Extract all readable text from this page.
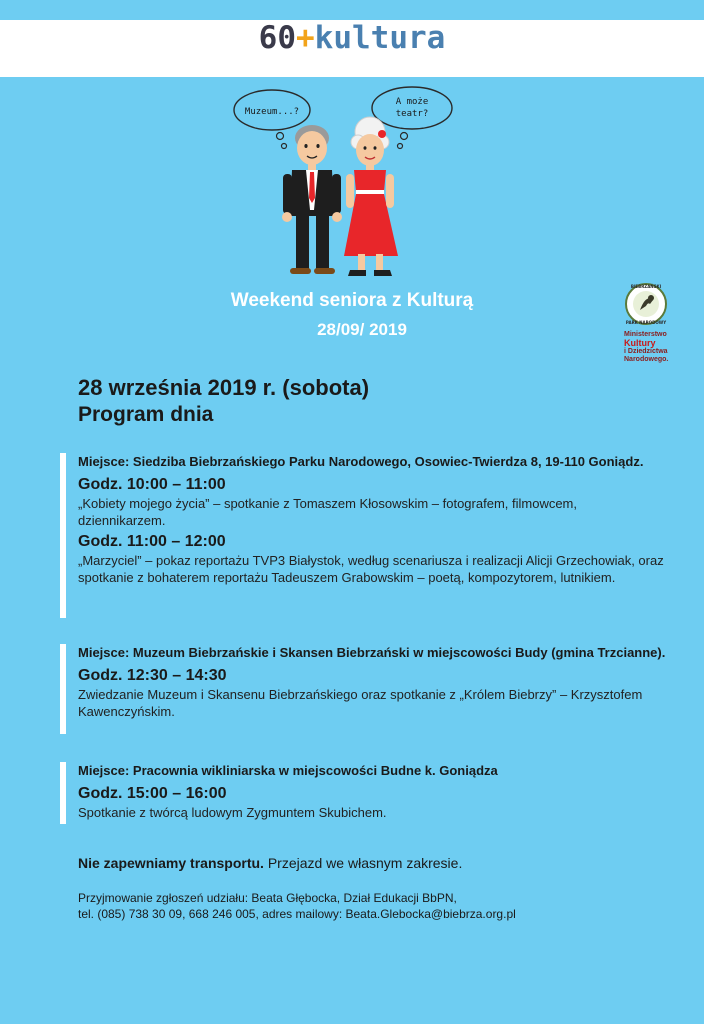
60+kultura
Muzeum...?
A może
teatr?
Weekend seniora z Kulturą
28/09/ 2019
BIEBRZAŃSKI
PARK NARODOWY
Ministerstwo
Kultury
i Dziedzictwa
Narodowego.
28 września 2019 r. (sobota)
Program dnia
Miejsce: Siedziba Biebrzańskiego Parku Narodowego, Osowiec-Twierdza 8, 19-110 Goniądz.
Godz. 10:00 – 11:00
„Kobiety mojego życia” – spotkanie z Tomaszem Kłosowskim – fotografem, filmowcem, dziennikarzem.
Godz. 11:00 – 12:00
„Marzyciel” – pokaz reportażu TVP3 Białystok, według scenariusza i realizacji Alicji Grzechowiak, oraz spotkanie z bohaterem reportażu Tadeuszem Grabowskim – poetą, kompozytorem, lutnikiem.
Miejsce: Muzeum Biebrzańskie i Skansen Biebrzański w miejscowości Budy (gmina Trzcianne).
Godz. 12:30 – 14:30
Zwiedzanie Muzeum i Skansenu Biebrzańskiego oraz spotkanie z „Królem Biebrzy” – Krzysztofem Kawenczyńskim.
Miejsce: Pracownia wikliniarska w miejscowości Budne k. Goniądza
Godz. 15:00 – 16:00
Spotkanie z twórcą ludowym Zygmuntem Skubichem.
Nie zapewniamy transportu. Przejazd we własnym zakresie.
Przyjmowanie zgłoszeń udziału: Beata Głębocka, Dział Edukacji BbPN,
tel. (085) 738 30 09, 668 246 005, adres mailowy: Beata.Glebocka@biebrza.org.pl
